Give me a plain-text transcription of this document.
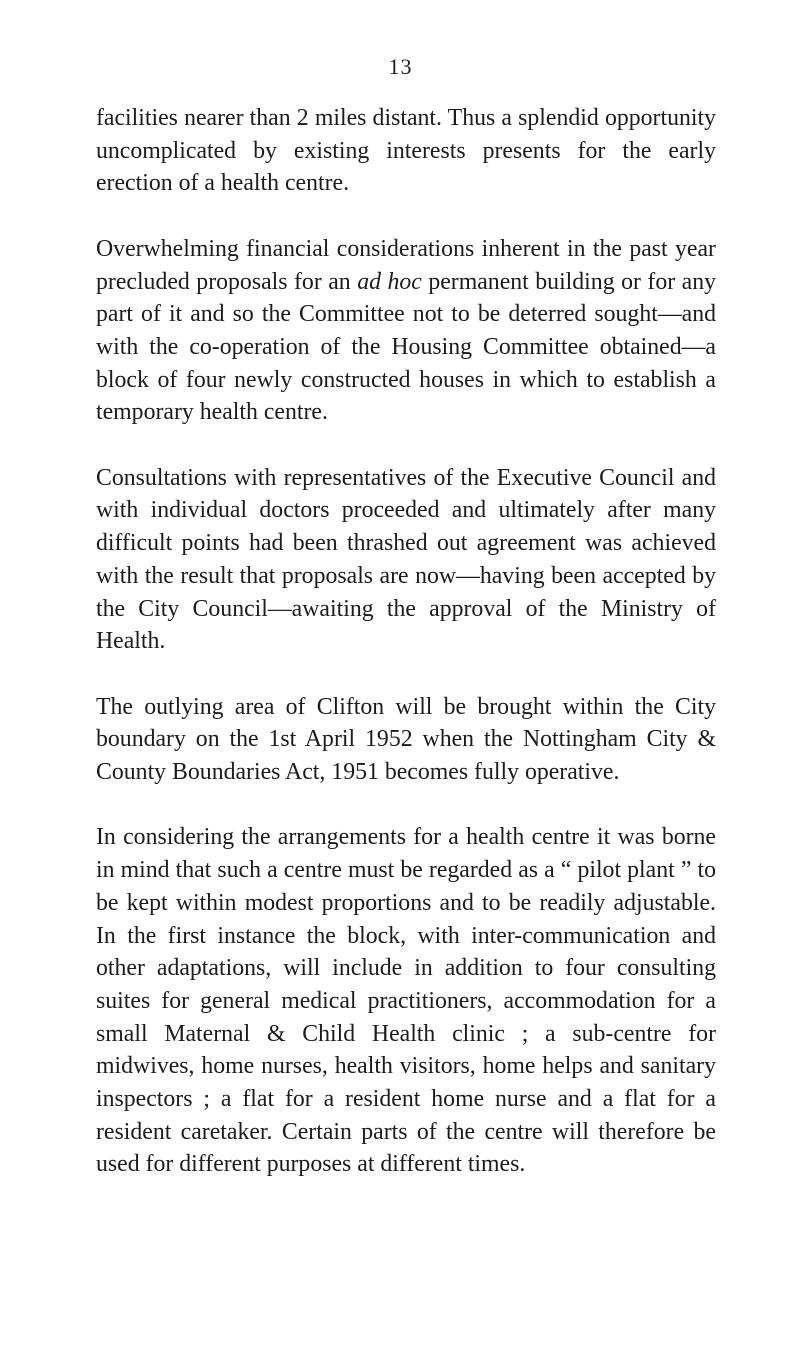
13

facilities nearer than 2 miles distant. Thus a splendid opportunity uncomplicated by existing interests presents for the early erection of a health centre.

Overwhelming financial considerations inherent in the past year precluded proposals for an ad hoc permanent building or for any part of it and so the Committee not to be deterred sought—and with the co-operation of the Housing Committee obtained—a block of four newly constructed houses in which to establish a temporary health centre.

Consultations with representatives of the Executive Council and with individual doctors proceeded and ultimately after many difficult points had been thrashed out agreement was achieved with the result that proposals are now—having been accepted by the City Council—awaiting the approval of the Ministry of Health.

The outlying area of Clifton will be brought within the City boundary on the 1st April 1952 when the Nottingham City & County Boundaries Act, 1951 becomes fully operative.

In considering the arrangements for a health centre it was borne in mind that such a centre must be regarded as a “ pilot plant ” to be kept within modest proportions and to be readily adjustable. In the first instance the block, with inter-communication and other adaptations, will include in addition to four consulting suites for general medical practitioners, accommodation for a small Maternal & Child Health clinic ; a sub-centre for midwives, home nurses, health visitors, home helps and sanitary inspectors ; a flat for a resident home nurse and a flat for a resident caretaker. Certain parts of the centre will therefore be used for different purposes at different times.
